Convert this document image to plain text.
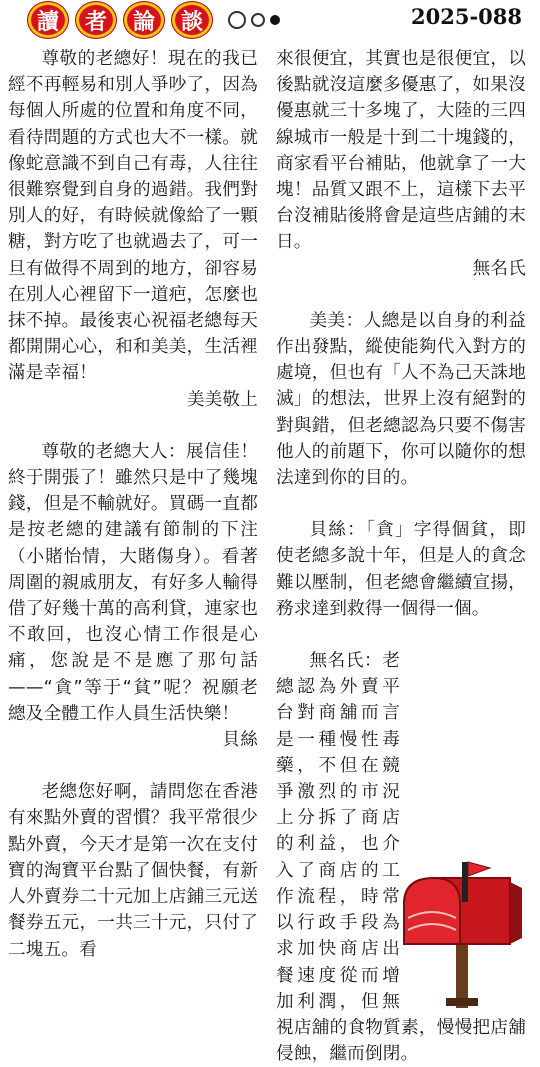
讀	者	論	談	2025-088

尊敬的老總好！現在的我已經不再輕易和別人爭吵了，因為每個人所處的位置和角度不同，看待問題的方式也大不一樣。就像蛇意識不到自己有毒，人往往很難察覺到自身的過錯。我們對別人的好，有時候就像給了一顆糖，對方吃了也就過去了，可一旦有做得不周到的地方，卻容易在別人心裡留下一道疤，怎麼也抹不掉。最後衷心祝福老總每天都開開心心，和和美美，生活裡滿是幸福！

美美敬上

尊敬的老總大人：展信佳！終于開張了！雖然只是中了幾塊錢，但是不輸就好。買碼一直都是按老總的建議有節制的下注（小賭怡情，大賭傷身）。看著周圍的親戚朋友，有好多人輸得借了好幾十萬的高利貸，連家也不敢回，也沒心情工作很是心痛，您說是不是應了那句話——“貪”等于“貧”呢？祝願老總及全體工作人員生活快樂！

貝絲

老總您好啊，請問您在香港有來點外賣的習慣？我平常很少點外賣，今天才是第一次在支付寶的淘寶平台點了個快餐，有新人外賣券二十元加上店鋪三元送餐券五元，一共三十元，只付了二塊五。看

來很便宜，其實也是很便宜，以後點就沒這麼多優惠了，如果沒優惠就三十多塊了，大陸的三四線城市一般是十到二十塊錢的，商家看平台補貼，他就拿了一大塊！品質又跟不上，這樣下去平台沒補貼後將會是這些店鋪的末日。

無名氏

美美：人總是以自身的利益作出發點，縱使能夠代入對方的處境，但也有「人不為己天誅地滅」的想法，世界上沒有絕對的對與錯，但老總認為只要不傷害他人的前題下，你可以隨你的想法達到你的目的。

貝絲：「貪」字得個貧，即使老總多說十年，但是人的貪念難以壓制，但老總會繼續宣揚，務求達到救得一個得一個。

無名氏：老總認為外賣平台對商舖而言是一種慢性毒藥，不但在競爭激烈的市況上分拆了商店的利益，也介入了商店的工作流程，時常以行政手段為求加快商店出餐速度從而增加利潤，但無視店舖的食物質素，慢慢把店舖侵蝕，繼而倒閉。
